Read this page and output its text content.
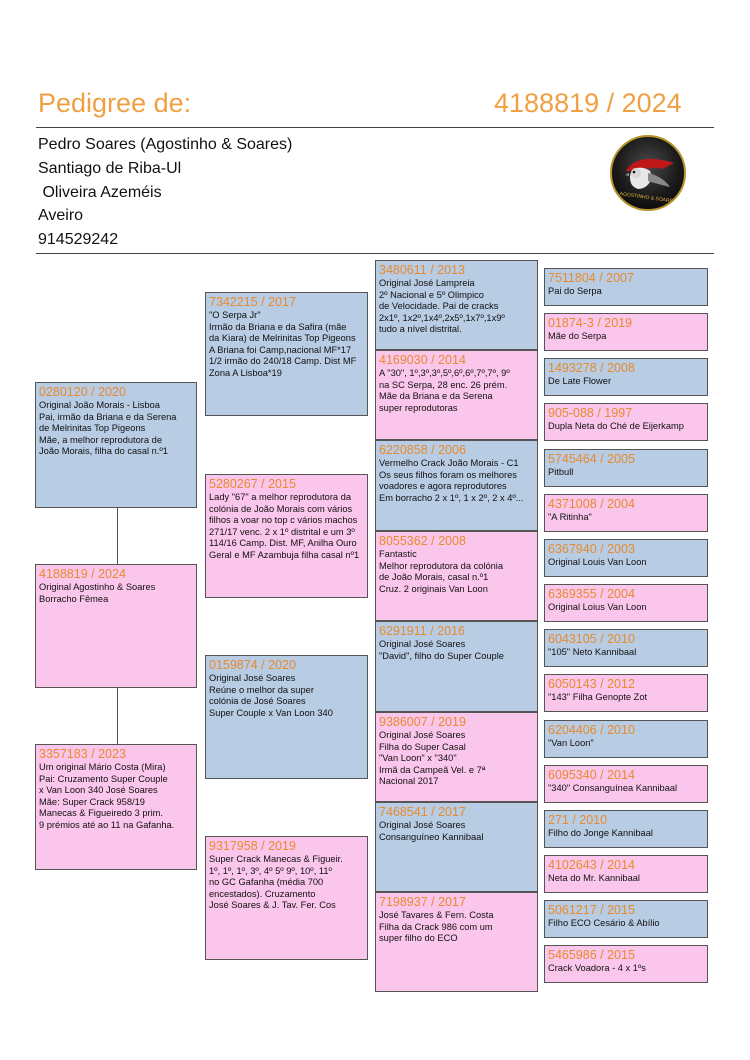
Pedigree de:	4188819 / 2024
Pedro Soares (Agostinho & Soares)
Santiago de Riba-Ul
Oliveira Azeméis
Aveiro
914529242
AGOSTINHO & SOARES
0280120 / 2020
Original João Morais - Lisboa
Pai, irmão da Briana e da Serena
de Melrinitas Top Pigeons
Mãe, a melhor reprodutora de
João Morais, filha do casal n.º1
4188819 / 2024
Original Agostinho & Soares
Borracho Fêmea
3357183 / 2023
Um original Mário Costa (Mira)
Pai: Cruzamento Super Couple
x Van Loon 340 José Soares
Mãe: Super Crack 958/19
Manecas & Figueiredo 3 prim.
9 prémios até ao 11 na Gafanha.
7342215 / 2017
"O Serpa Jr"
Irmão da Briana e da Safira (mãe
da Kiara) de Melrinitas Top Pigeons
A Briana foi Camp,nacional MF*17
1/2 irmão do 240/18 Camp. Dist MF
Zona A Lisboa*19
5280267 / 2015
Lady "67" a melhor reprodutora da
colónia de João Morais com vários
filhos a voar no top c vários machos
271/17 venc. 2 x 1º distrital e um 3º
114/16 Camp. Dist. MF, Anilha Ouro
Geral e MF Azambuja filha casal nº1
0159874 / 2020
Original José Soares
Reúne o melhor da super
colónia de José Soares
Super Couple x Van Loon 340
9317958 / 2019
Super Crack Manecas & Figueir.
1º, 1º, 1º, 3º, 4º 5º 9º, 10º, 11º
no GC Gafanha (média 700
encestados). Cruzamento
José Soares & J. Tav. Fer. Cos
3480611 / 2013
Original José Lampreia
2º Nacional e 5º Olimpico
de Velocidade. Pai de cracks
2x1º, 1x2º,1x4º,2x5º,1x7º,1x9º
tudo a nível distrital.
4169030 / 2014
A "30", 1º,3º,3º,5º,6º,6º,7º,7º, 9º
na SC Serpa, 28 enc. 26 prém.
Mãe da Briana e da Serena
super reprodutoras
6220858 / 2006
Vermelho Crack João Morais - C1
Os seus filhos foram os melhores
voadores e agora reprodutores
Em borracho 2 x 1º, 1 x 2º, 2 x 4º...
8055362 / 2008
Fantastic
Melhor reprodutora da colónia
de João Morais, casal n.º1
Cruz. 2 originais Van Loon
6291911 / 2016
Original José Soares
"David", filho do Super Couple
9386007 / 2019
Original José Soares
Filha do Super Casal
"Van Loon" x "340"
Irmã da Campeã Vel. e 7ª
Nacional 2017
7468541 / 2017
Original José Soares
Consanguíneo Kannibaal
7198937 / 2017
José Tavares & Fern. Costa
Filha da Crack 986 com um
super filho do ECO
7511804 / 2007
Pai do Serpa
01874-3 / 2019
Mãe do Serpa
1493278 / 2008
De Late Flower
905-088 / 1997
Dupla Neta do Ché de Eijerkamp
5745464 / 2005
Pitbull
4371008 / 2004
"A Ritinha"
6367940 / 2003
Original Louis Van Loon
6369355 / 2004
Original Loius Van Loon
6043105 / 2010
"105" Neto Kannibaal
6050143 / 2012
"143" Filha Genopte Zot
6204406 / 2010
"Van Loon"
6095340 / 2014
"340" Consanguínea Kannibaal
271 / 2010
Filho do Jonge Kannibaal
4102643 / 2014
Neta do Mr. Kannibaal
5061217 / 2015
Filho ECO Cesário & Abílio
5465986 / 2015
Crack Voadora - 4 x 1ºs
